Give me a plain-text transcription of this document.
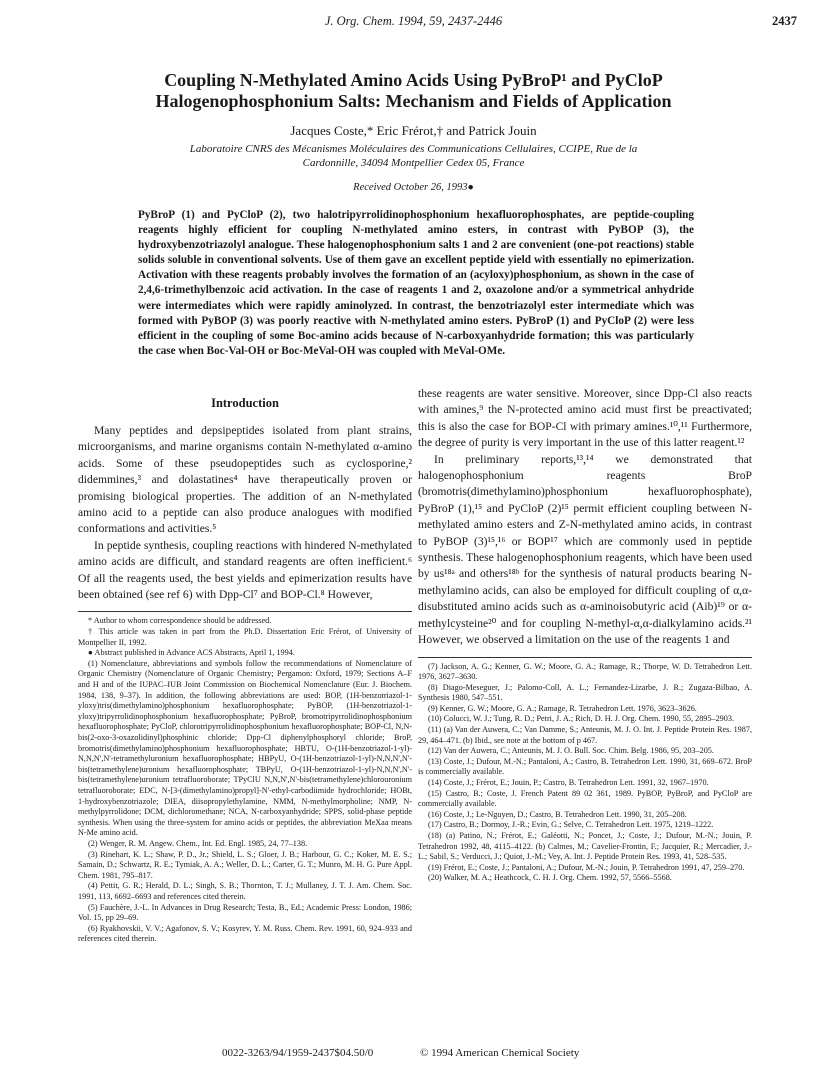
J. Org. Chem. 1994, 59, 2437-2446	2437
Coupling N-Methylated Amino Acids Using PyBroP¹ and PyCloP
Halogenophosphonium Salts: Mechanism and Fields of Application
Jacques Coste,* Eric Frérot,† and Patrick Jouin
Laboratoire CNRS des Mécanismes Moléculaires des Communications Cellulaires, CCIPE, Rue de la
Cardonnille, 34094 Montpellier Cedex 05, France
Received October 26, 1993●
PyBroP (1) and PyCloP (2), two halotripyrrolidinophosphonium hexafluorophosphates, are peptide-coupling reagents highly efficient for coupling N-methylated amino esters, in contrast with PyBOP (3), the hydroxybenzotriazolyl analogue. These halogenophosphonium salts 1 and 2 are convenient (one-pot reactions) stable solids soluble in conventional solvents. Use of them gave an excellent peptide yield with essentially no epimerization. Activation with these reagents probably involves the formation of an (acyloxy)phosphonium, as shown in the case of 2,4,6-trimethylbenzoic acid activation. In the case of reagents 1 and 2, oxazolone and/or a symmetrical anhydride were intermediates which were rapidly aminolyzed. In contrast, the benzotriazolyl ester intermediate which was formed with PyBOP (3) was poorly reactive with N-methylated amino esters. PyBroP (1) and PyCloP (2) were less efficient in the coupling of some Boc-amino acids because of N-carboxyanhydride formation; this was particularly the case when Boc-Val-OH or Boc-MeVal-OH was coupled with MeVal-OMe.
Introduction

Many peptides and depsipeptides isolated from plant strains, microorganisms, and marine organisms contain N-methylated α-amino acids. Some of these pseudopeptides such as cyclosporine,² didemmines,³ and dolastatines⁴ have therapeutically proven or promising biological properties. The addition of an N-methylated amino acid to a peptide can also produce analogues with modified conformations and activities.⁵

In peptide synthesis, coupling reactions with hindered N-methylated amino acids are difficult, and standard reagents are often inefficient.⁶ Of all the reagents used, the best yields and epimerization results have been obtained (see ref 6) with Dpp-Cl⁷ and BOP-Cl.⁸ However,

* Author to whom correspondence should be addressed.

† This article was taken in part from the Ph.D. Dissertation Eric Frérot, of University of Montpellier II, 1992.

● Abstract published in Advance ACS Abstracts, April 1, 1994.

(1) Nomenclature, abbreviations and symbols follow the recommendations of Nomenclature of Organic Chemistry (Nomenclature of Organic Chemistry; Pergamon: Oxford, 1979; Sections A–F and H and of the IUPAC–IUB Joint Commission on Biochemical Nomenclature (Eur. J. Biochem. 1984, 138, 9–37). In addition, the following abbreviations are used: BOP, (1H-benzotriazol-1-yloxy)tris(dimethylamino)phosphonium hexafluorophosphate; PyBOP, (1H-benzotriazol-1-yloxy)tripyrrolidinophosphonium hexafluorophosphate; PyBroP, bromotripyrrolidinophosphonium hexafluorophosphate; PyCloP, chlorotripyrrolidinophosphonium hexafluorophosphate; BOP-Cl, N,N-bis(2-oxo-3-oxazolidinyl)phosphinic chloride; Dpp-Cl diphenylphosphoryl chloride; BroP, bromotris(dimethylamino)phosphonium hexafluorophosphate; HBTU, O-(1H-benzotriazol-1-yl)-N,N,N',N'-tetramethyluronium hexafluorophosphate; HBPyU, O-(1H-benzotriazol-1-yl)-N,N,N',N'-bis(tetramethylene)uronium hexafluorophosphate; TBPyU, O-(1H-benzotriazol-1-yl)-N,N,N',N'-bis(tetramethylene)uronium tetrafluoroborate; TPyClU N,N,N',N'-bis(tetramethylene)chlorouronium tetrafluoroborate; EDC, N-[3-(dimethylamino)propyl]-N'-ethyl-carbodiimide hydrochloride; HOBt, 1-hydroxybenzotriazole; DIEA, diisopropylethylamine, NMM, N-methylmorpholine; NMP, N-methylpyrrolidone; DCM, dichloromethane; NCA, N-carboxyanhydride; SPPS, solid-phase peptide synthesis. When using the three-system for amino acids or peptides, the abbreviation MeXaa means N-Me amino acid.

(2) Wenger, R. M. Angew. Chem., Int. Ed. Engl. 1985, 24, 77–138.

(3) Rinehart, K. L.; Shaw, P. D., Jr.; Shield, L. S.; Gloer, J. B.; Harbour, G. C.; Koker, M. E. S.; Samain, D.; Schwartz, R. E.; Tymiak, A. A.; Weller, D. L.; Carter, G. T.; Munro, M. H. G. Pure Appl. Chem. 1981, 795–817.

(4) Pettit, G. R.; Herald, D. L.; Singh, S. B.; Thornton, T. J.; Mullaney, J. T. J. Am. Chem. Soc. 1991, 113, 6692–6693 and references cited therein.

(5) Fauchère, J.-L. In Advances in Drug Research; Testa, B., Ed.; Academic Press: London, 1986; Vol. 15, pp 29–69.

(6) Ryakhovskii, V. V.; Agafonov, S. V.; Kosyrev, Y. M. Russ. Chem. Rev. 1991, 60, 924–933 and references cited therein.

these reagents are water sensitive. Moreover, since Dpp-Cl also reacts with amines,⁹ the N-protected amino acid must first be preactivated; this is also the case for BOP-Cl with primary amines.¹⁰,¹¹ Furthermore, the degree of purity is very important in the use of this latter reagent.¹²

In preliminary reports,¹³,¹⁴ we demonstrated that halogenophosphonium reagents BroP (bromotris(dimethylamino)phosphonium hexafluorophosphate), PyBroP (1),¹⁵ and PyCloP (2)¹⁵ permit efficient coupling between N-methylated amino esters and Z-N-methylated amino acids, in contrast to PyBOP (3)¹⁵,¹⁶ or BOP¹⁷ which are commonly used in peptide synthesis. These halogenophosphonium reagents, which have been used by us¹⁸ᵃ and others¹⁸ᵇ for the synthesis of natural products bearing N-methylamino acids, can also be employed for difficult coupling of α,α-disubstituted amino acids such as α-aminoisobutyric acid (Aib)¹⁹ or α-methylcysteine²⁰ and for coupling N-methyl-α,α-dialkylamino acids.²¹ However, we observed a limitation on the use of the reagents 1 and

(7) Jackson, A. G.; Kenner, G. W.; Moore, G. A.; Ramage, R.; Thorpe, W. D. Tetrahedron Lett. 1976, 3627–3630.

(8) Diago-Meseguer, J.; Palomo-Coll, A. L.; Fernandez-Lizarbe, J. R.; Zugaza-Bilbao, A. Synthesis 1980, 547–551.

(9) Kenner, G. W.; Moore, G. A.; Ramage, R. Tetrahedron Lett. 1976, 3623–3626.

(10) Colucci, W. J.; Tung, R. D.; Petri, J. A.; Rich, D. H. J. Org. Chem. 1990, 55, 2895–2903.

(11) (a) Van der Auwera, C.; Van Damme, S.; Anteunis, M. J. O. Int. J. Peptide Protein Res. 1987, 29, 464–471. (b) Ibid., see note at the bottom of p 467.

(12) Van der Auwera, C.; Anteunis, M. J. O. Bull. Soc. Chim. Belg. 1986, 95, 203–205.

(13) Coste, J.; Dufour, M.-N.; Pantaloni, A.; Castro, B. Tetrahedron Lett. 1990, 31, 669–672. BroP is commercially available.

(14) Coste, J.; Frérot, E.; Jouin, P.; Castro, B. Tetrahedron Lett. 1991, 32, 1967–1970.

(15) Castro, B.; Coste, J. French Patent 89 02 361, 1989. PyBOP, PyBroP, and PyCloP are commercially available.

(16) Coste, J.; Le-Nguyen, D.; Castro, B. Tetrahedron Lett. 1990, 31, 205–208.

(17) Castro, B.; Dormoy, J.-R.; Evin, G.; Selve, C. Tetrahedron Lett. 1975, 1219–1222.

(18) (a) Patino, N.; Frérot, E.; Galéotti, N.; Poncet, J.; Coste, J.; Dufour, M.-N.; Jouin, P. Tetrahedron 1992, 48, 4115–4122. (b) Calmes, M.; Cavelier-Frontin, F.; Jacquier, R.; Mercadier, J.-L.; Sabil, S.; Verducci, J.; Quiot, J.-M.; Vey, A. Int. J. Peptide Protein Res. 1993, 41, 528–535.

(19) Frérot, E.; Coste, J.; Pantaloni, A.; Dufour, M.-N.; Jouin, P. Tetrahedron 1991, 47, 259–270.

(20) Walker, M. A.; Heathcock, C. H. J. Org. Chem. 1992, 57, 5566–5568.

0022-3263/94/1959-2437$04.50/0	© 1994 American Chemical Society
